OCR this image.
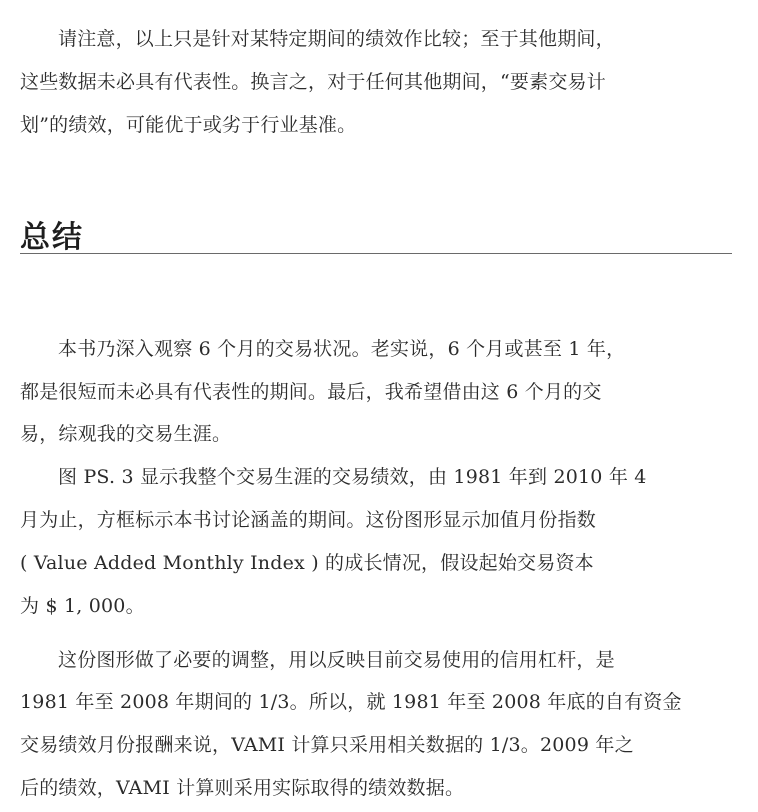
请注意，以上只是针对某特定期间的绩效作比较；至于其他期间，
这些数据未必具有代表性。换言之，对于任何其他期间，“要素交易计
划”的绩效，可能优于或劣于行业基准。
总结
本书乃深入观察 6 个月的交易状况。老实说，6 个月或甚至 1 年，
都是很短而未必具有代表性的期间。最后，我希望借由这 6 个月的交
易，综观我的交易生涯。
图 PS. 3 显示我整个交易生涯的交易绩效，由 1981 年到 2010 年 4
月为止，方框标示本书讨论涵盖的期间。这份图形显示加值月份指数
( Value Added Monthly Index ) 的成长情况，假设起始交易资本
为 $ 1, 000。
这份图形做了必要的调整，用以反映目前交易使用的信用杠杆，是
1981 年至 2008 年期间的 1/3。所以，就 1981 年至 2008 年底的自有资金
交易绩效月份报酬来说，VAMI 计算只采用相关数据的 1/3。2009 年之
后的绩效，VAMI 计算则采用实际取得的绩效数据。
